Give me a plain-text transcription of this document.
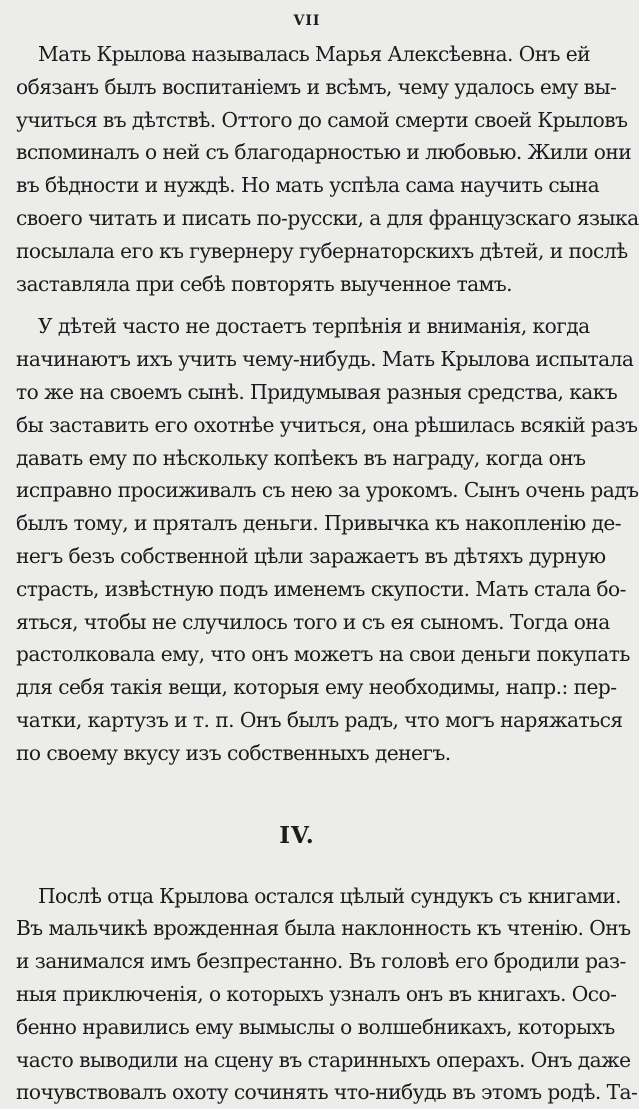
VII
Мать Крылова называлась Марья Алексѣевна. Онъ ей
обязанъ былъ воспитаніемъ и всѣмъ, чему удалось ему вы-
учиться въ дѣтствѣ. Оттого до самой смерти своей Крыловъ
вспоминалъ о ней съ благодарностью и любовью. Жили они
въ бѣдности и нуждѣ. Но мать успѣла сама научить сына
своего читать и писать по-русски, а для французскаго языка
посылала его къ гувернеру губернаторскихъ дѣтей, и послѣ
заставляла при себѣ повторять выученное тамъ.
У дѣтей часто не достаетъ терпѣнія и вниманія, когда
начинаютъ ихъ учить чему-нибудь. Мать Крылова испытала
то же на своемъ сынѣ. Придумывая разныя средства, какъ
бы заставить его охотнѣе учиться, она рѣшилась всякій разъ
давать ему по нѣскольку копѣекъ въ награду, когда онъ
исправно просиживалъ съ нею за урокомъ. Сынъ очень радъ
былъ тому, и пряталъ деньги. Привычка къ накопленію де-
негъ безъ собственной цѣли заражаетъ въ дѣтяхъ дурную
страсть, извѣстную подъ именемъ скупости. Мать стала бо-
яться, чтобы не случилось того и съ ея сыномъ. Тогда она
растолковала ему, что онъ можетъ на свои деньги покупать
для себя такія вещи, которыя ему необходимы, напр.: пер-
чатки, картузъ и т. п. Онъ былъ радъ, что могъ наряжаться
по своему вкусу изъ собственныхъ денегъ.
IV.
Послѣ отца Крылова остался цѣлый сундукъ съ книгами.
Въ мальчикѣ врожденная была наклонность къ чтенію. Онъ
и занимался имъ безпрестанно. Въ головѣ его бродили раз-
ныя приключенія, о которыхъ узналъ онъ въ книгахъ. Осо-
бенно нравились ему вымыслы о волшебникахъ, которыхъ
часто выводили на сцену въ старинныхъ операхъ. Онъ даже
почувствовалъ охоту сочинять что-нибудь въ этомъ родѣ. Та-
